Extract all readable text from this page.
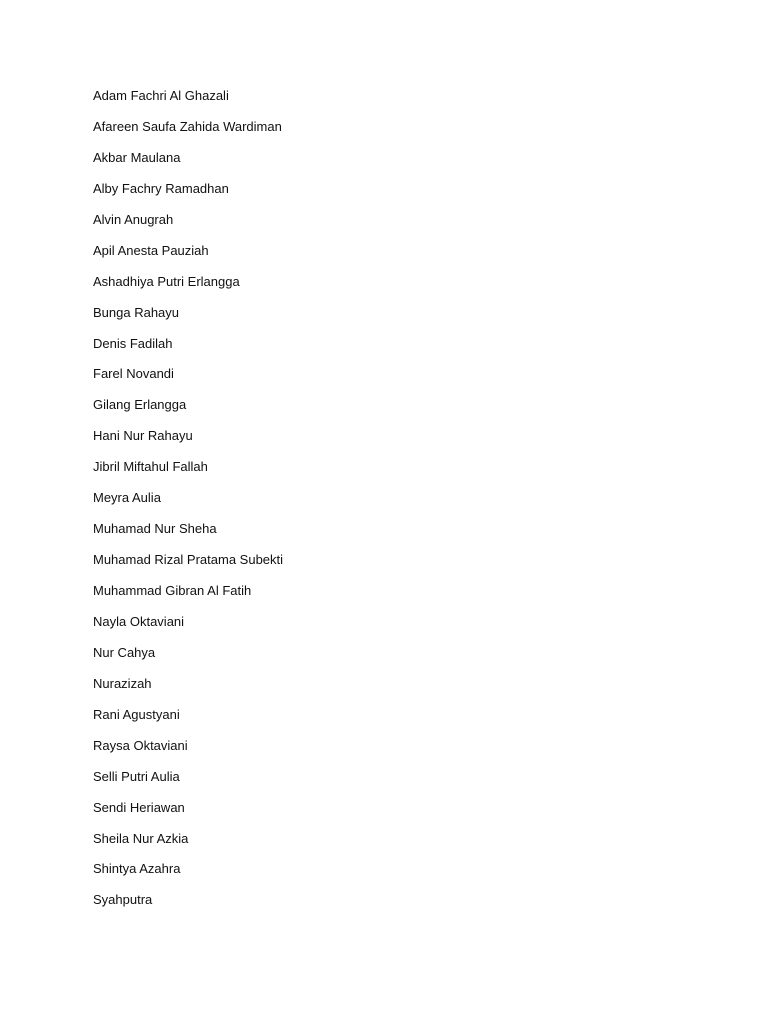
Adam Fachri Al Ghazali
Afareen Saufa Zahida Wardiman
Akbar Maulana
Alby Fachry Ramadhan
Alvin Anugrah
Apil Anesta Pauziah
Ashadhiya Putri Erlangga
Bunga Rahayu
Denis Fadilah
Farel Novandi
Gilang Erlangga
Hani Nur Rahayu
Jibril Miftahul Fallah
Meyra Aulia
Muhamad Nur Sheha
Muhamad Rizal Pratama Subekti
Muhammad Gibran Al Fatih
Nayla Oktaviani
Nur Cahya
Nurazizah
Rani Agustyani
Raysa Oktaviani
Selli Putri Aulia
Sendi Heriawan
Sheila Nur Azkia
Shintya Azahra
Syahputra
